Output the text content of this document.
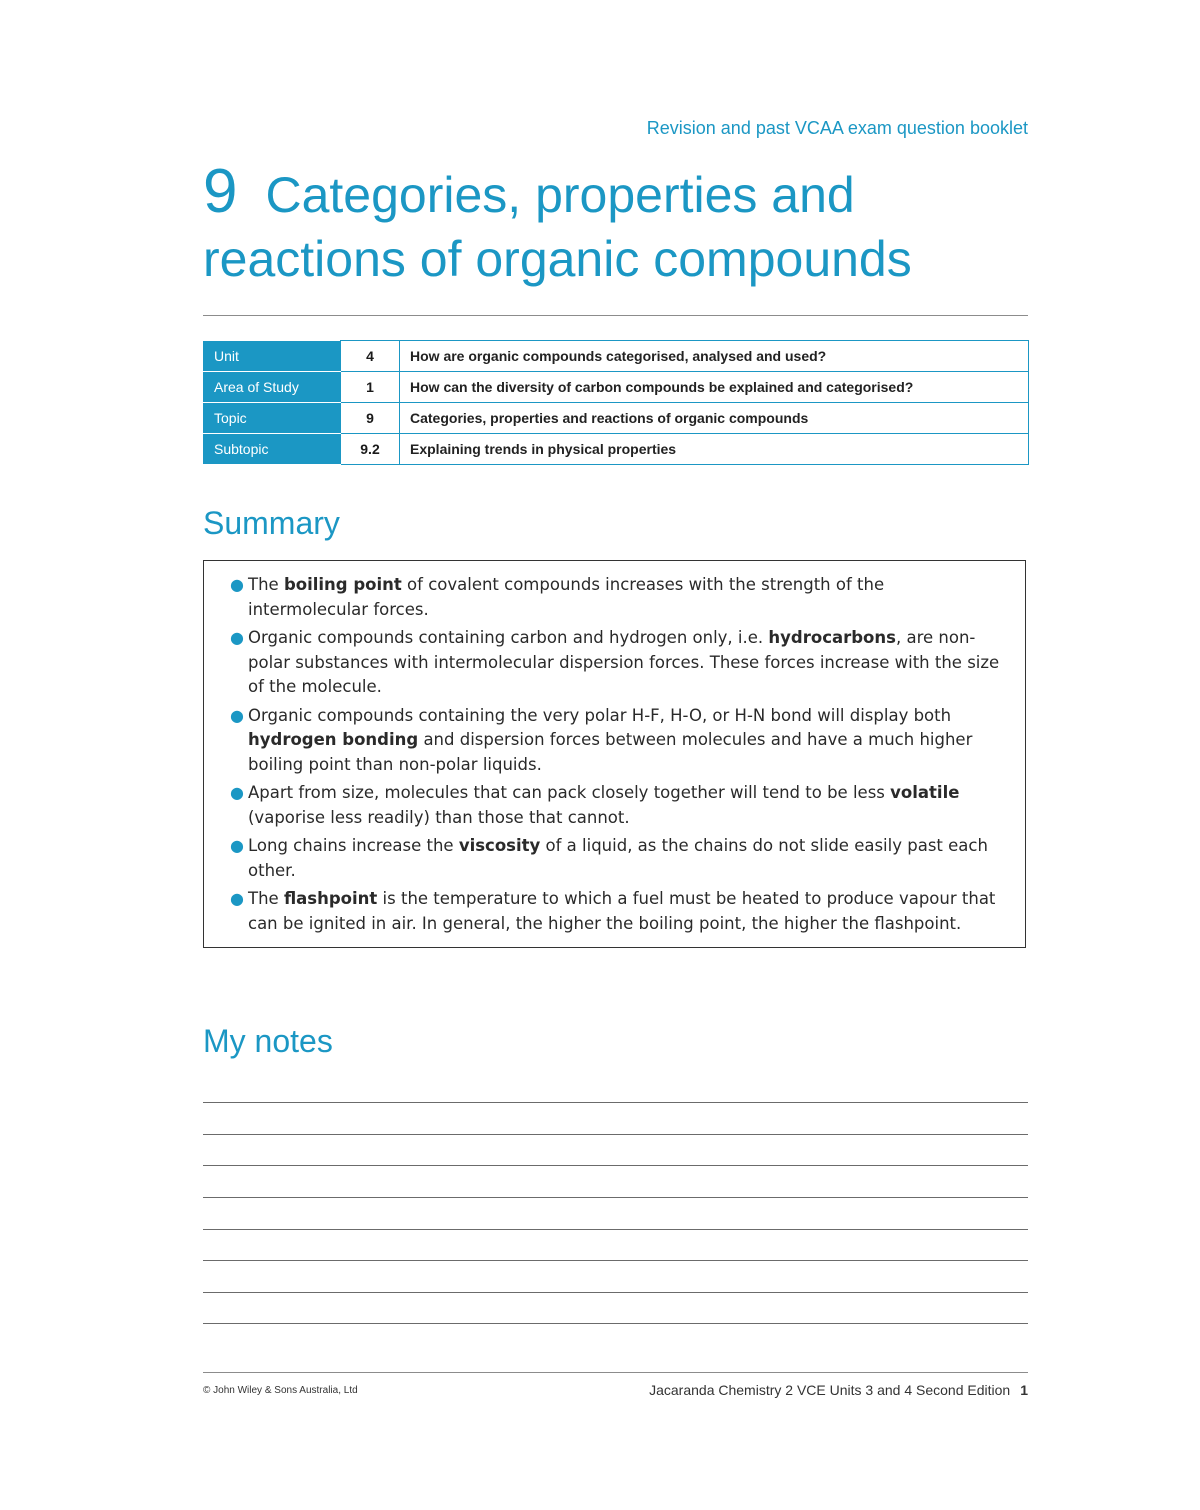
Revision and past VCAA exam question booklet
9 Categories, properties and
reactions of organic compounds
Unit	4	How are organic compounds categorised, analysed and used?
Area of Study	1	How can the diversity of carbon compounds be explained and categorised?
Topic	9	Categories, properties and reactions of organic compounds
Subtopic	9.2	Explaining trends in physical properties
Summary
● The boiling point of covalent compounds increases with the strength of the intermolecular forces.
● Organic compounds containing carbon and hydrogen only, i.e. hydrocarbons, are non-polar substances with intermolecular dispersion forces. These forces increase with the size of the molecule.
● Organic compounds containing the very polar H-F, H-O, or H-N bond will display both hydrogen bonding and dispersion forces between molecules and have a much higher boiling point than non-polar liquids.
● Apart from size, molecules that can pack closely together will tend to be less volatile (vaporise less readily) than those that cannot.
● Long chains increase the viscosity of a liquid, as the chains do not slide easily past each other.
● The flashpoint is the temperature to which a fuel must be heated to produce vapour that can be ignited in air. In general, the higher the boiling point, the higher the flashpoint.
My notes
© John Wiley & Sons Australia, Ltd	Jacaranda Chemistry 2 VCE Units 3 and 4 Second Edition 1
